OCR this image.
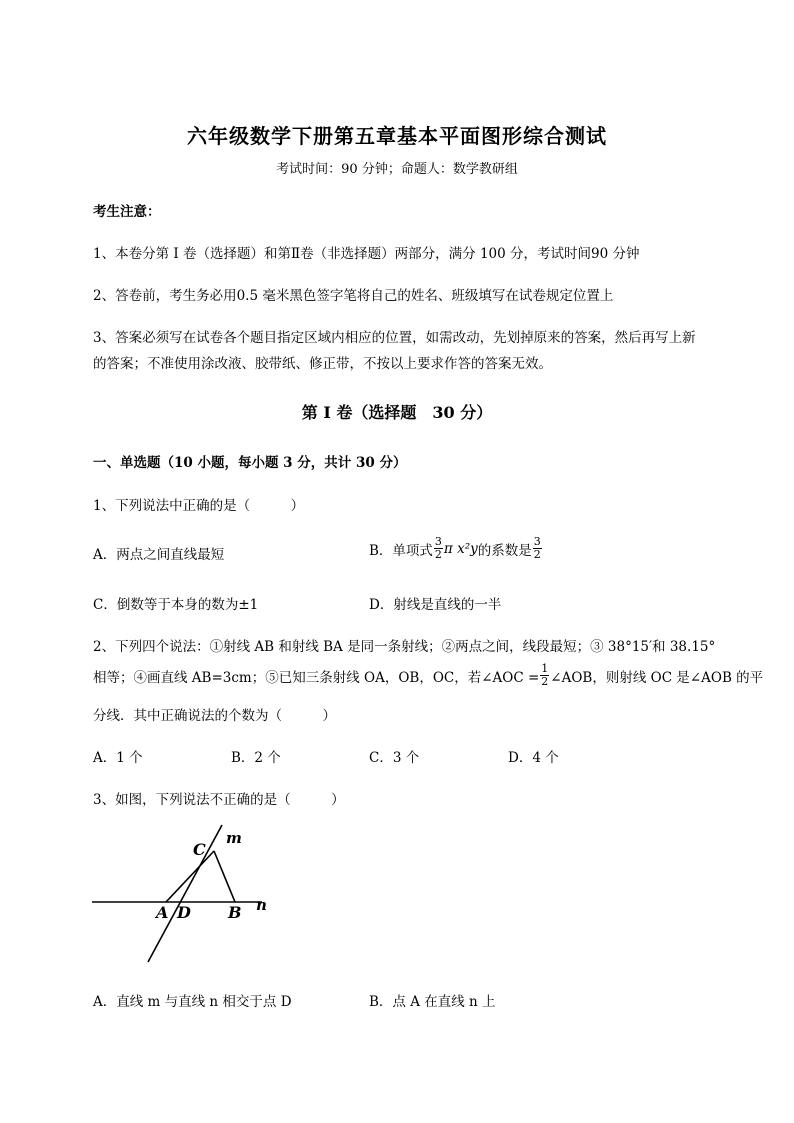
六年级数学下册第五章基本平面图形综合测试
考试时间：90 分钟；命题人：数学教研组
考生注意：
1、本卷分第 I 卷（选择题）和第Ⅱ卷（非选择题）两部分，满分 100 分，考试时间90 分钟
2、答卷前，考生务必用0.5 毫米黑色签字笔将自己的姓名、班级填写在试卷规定位置上
3、答案必须写在试卷各个题目指定区域内相应的位置，如需改动，先划掉原来的答案，然后再写上新
的答案；不准使用涂改液、胶带纸、修正带，不按以上要求作答的答案无效。
第 I 卷（选择题　30 分）
一、单选题（10 小题，每小题 3 分，共计 30 分）
1、下列说法中正确的是（　　　）
A．两点之间直线最短	B．单项式 $\frac{3}{2}$ π x²y 的系数是 $\frac{3}{2}$
C．倒数等于本身的数为±1	D．射线是直线的一半
2、下列四个说法：①射线 AB 和射线 BA 是同一条射线；②两点之间，线段最短；③ 38°15′和 38.15°
相等；④画直线 AB=3cm；⑤已知三条射线 OA，OB，OC，若∠AOC = $\frac{1}{2}$ ∠AOB，则射线 OC 是∠AOB 的平
分线．其中正确说法的个数为（　　　）
A．1 个	B．2 个	C．3 个	D．4 个
3、如图，下列说法不正确的是（　　　）
C
m
A D B n
A．直线 m 与直线 n 相交于点 D	B．点 A 在直线 n 上
